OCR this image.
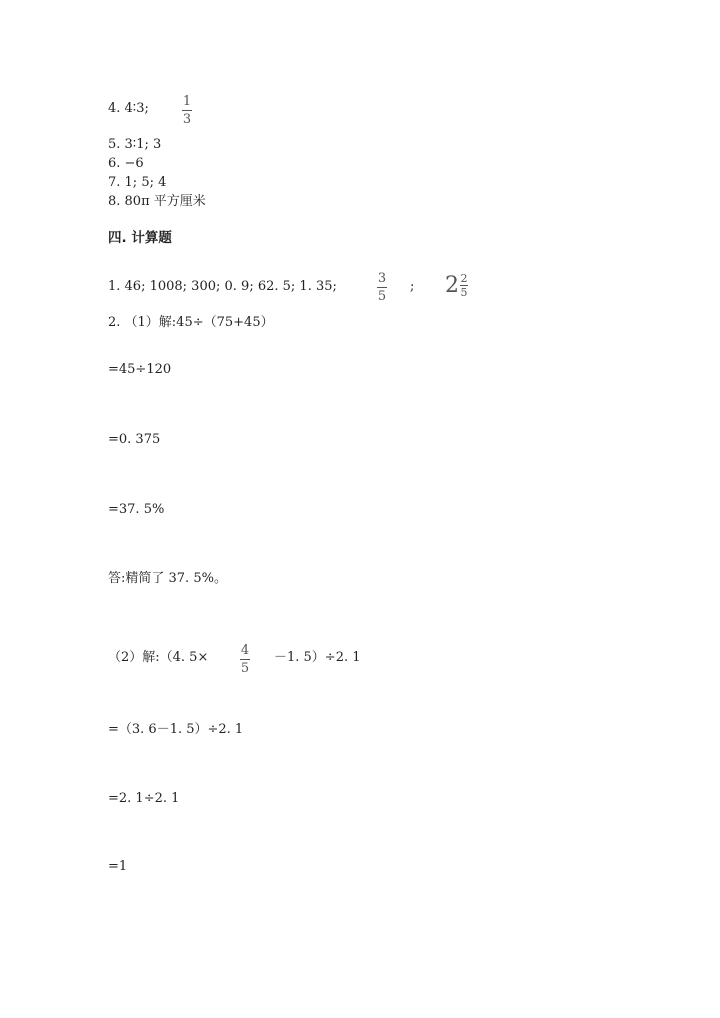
4. 4∶3;	1
3
5. 3∶1; 3
6. −6
7. 1; 5; 4
8. 80π 平方厘米
四. 计算题
1. 46; 1008; 300; 0. 9; 62. 5; 1. 35;
3
5
; 2 2
5
2. （1）解:45÷（75+45）
=45÷120
=0. 375
=37. 5%
答:精简了 37. 5%。
（2）解:（4. 5×	4
5
－1. 5）÷2. 1
=（3. 6－1. 5）÷2. 1
=2. 1÷2. 1
=1
